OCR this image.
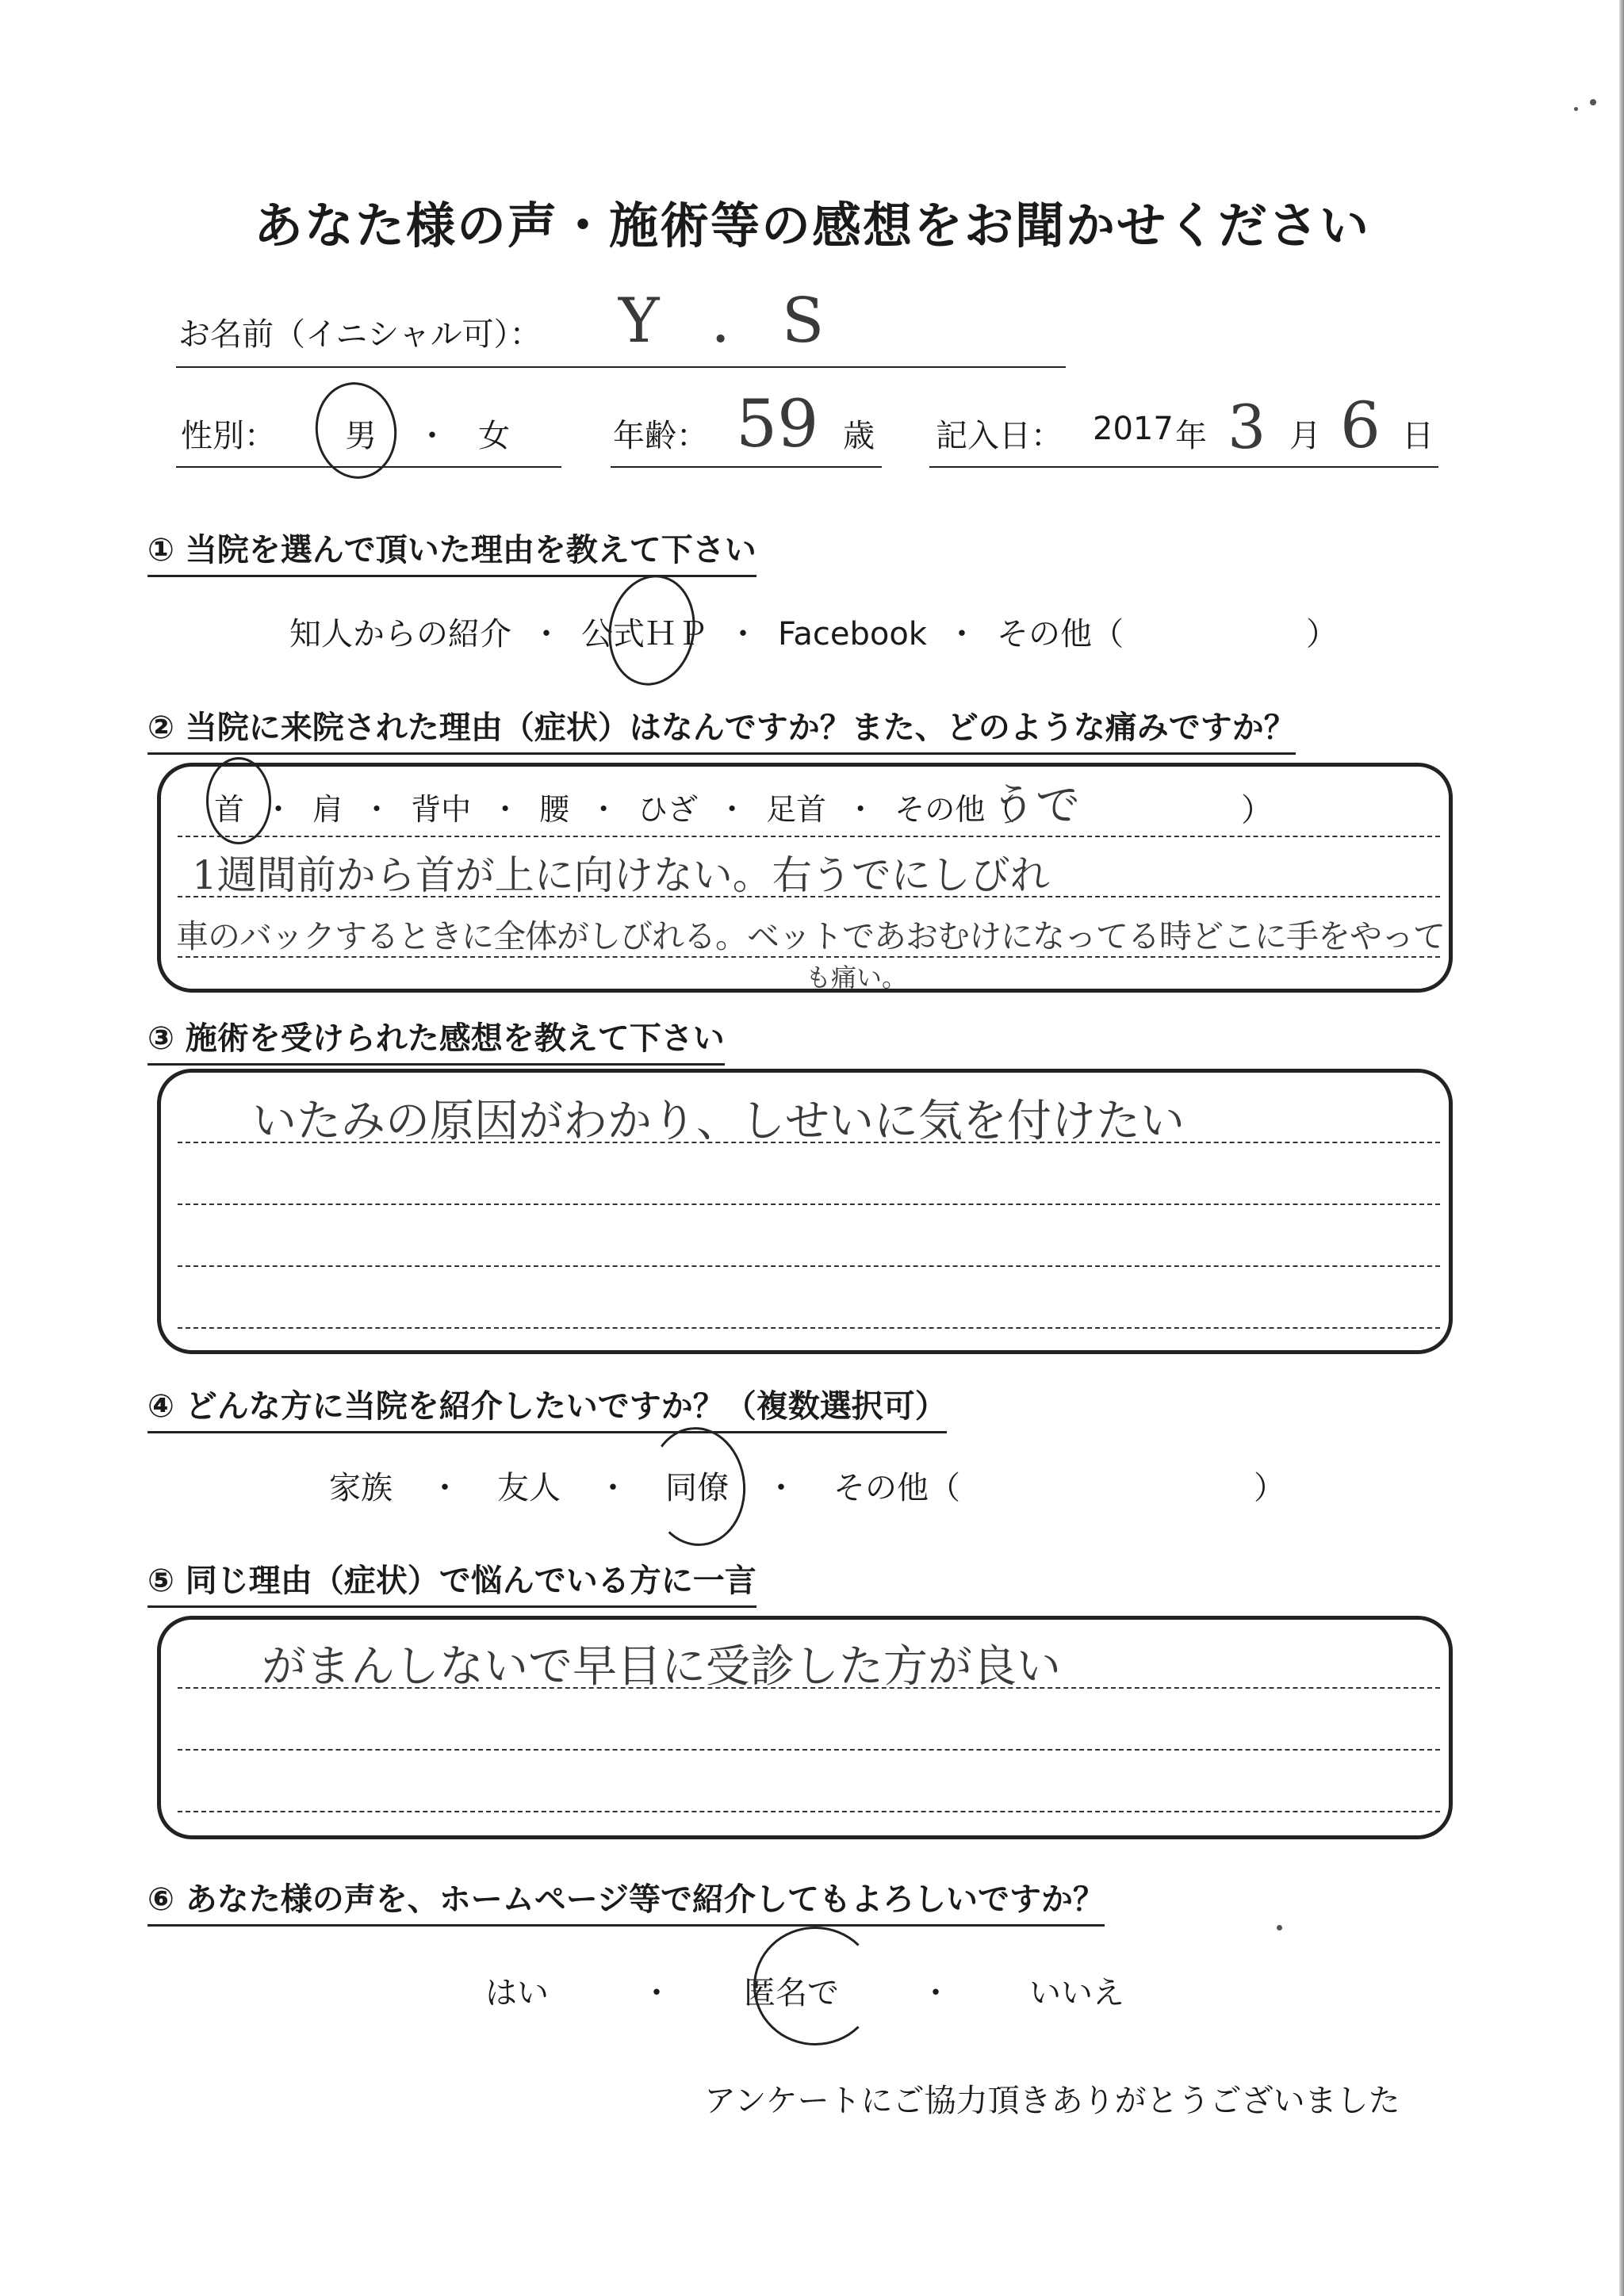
あなた様の声・施術等の感想をお聞かせください
お名前（イニシャル可）： Y . S
性別： 男 ・ 女	年齢： 59 歳 記入日： 2017 年 3 月 6 日
① 当院を選んで頂いた理由を教えて下さい
知人からの紹介 ・ 公式ＨＰ ・ Facebook ・ その他（	）
② 当院に来院された理由（症状）はなんですか？また、どのような痛みですか？
首 ・ 肩 ・ 背中 ・ 腰 ・ ひざ ・ 足首 ・ その他（
うで	）
1週間前から首が上に向けない。右うでにしびれ
車のバックするときに全体がしびれる。ベットであおむけになってる時どこに手をやって
も痛い。
③ 施術を受けられた感想を教えて下さい
いたみの原因がわかり、しせいに気を付けたい
④ どんな方に当院を紹介したいですか？（複数選択可）
家族 ・ 友人 ・ 同僚 ・ その他（	）
⑤ 同じ理由（症状）で悩んでいる方に一言
がまんしないで早目に受診した方が良い
⑥ あなた様の声を、ホームページ等で紹介してもよろしいですか？
はい	・ 匿名で	・ いいえ
アンケートにご協力頂きありがとうございました
